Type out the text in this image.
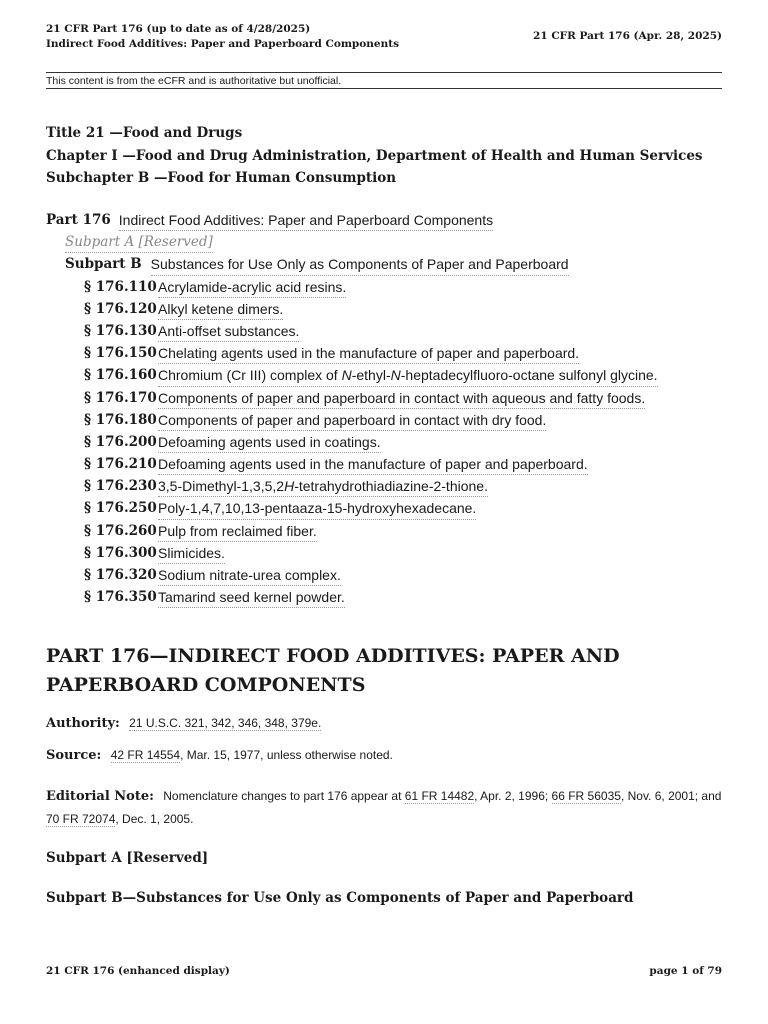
21 CFR Part 176 (up to date as of 4/28/2025)
Indirect Food Additives: Paper and Paperboard Components
21 CFR Part 176 (Apr. 28, 2025)
This content is from the eCFR and is authoritative but unofficial.
Title 21 —Food and Drugs
Chapter I —Food and Drug Administration, Department of Health and Human Services
Subchapter B —Food for Human Consumption
Part 176 Indirect Food Additives: Paper and Paperboard Components
Subpart A [Reserved]
Subpart B Substances for Use Only as Components of Paper and Paperboard
§ 176.110 Acrylamide-acrylic acid resins.
§ 176.120 Alkyl ketene dimers.
§ 176.130 Anti-offset substances.
§ 176.150 Chelating agents used in the manufacture of paper and paperboard.
§ 176.160 Chromium (Cr III) complex of N-ethyl-N-heptadecylfluoro-octane sulfonyl glycine.
§ 176.170 Components of paper and paperboard in contact with aqueous and fatty foods.
§ 176.180 Components of paper and paperboard in contact with dry food.
§ 176.200 Defoaming agents used in coatings.
§ 176.210 Defoaming agents used in the manufacture of paper and paperboard.
§ 176.230 3,5-Dimethyl-1,3,5,2H-tetrahydrothiadiazine-2-thione.
§ 176.250 Poly-1,4,7,10,13-pentaaza-15-hydroxyhexadecane.
§ 176.260 Pulp from reclaimed fiber.
§ 176.300 Slimicides.
§ 176.320 Sodium nitrate-urea complex.
§ 176.350 Tamarind seed kernel powder.
PART 176—INDIRECT FOOD ADDITIVES: PAPER AND PAPERBOARD COMPONENTS
Authority: 21 U.S.C. 321, 342, 346, 348, 379e.
Source: 42 FR 14554, Mar. 15, 1977, unless otherwise noted.
Editorial Note: Nomenclature changes to part 176 appear at 61 FR 14482, Apr. 2, 1996; 66 FR 56035, Nov. 6, 2001; and 70 FR 72074, Dec. 1, 2005.
Subpart A [Reserved]
Subpart B—Substances for Use Only as Components of Paper and Paperboard
21 CFR 176 (enhanced display)	page 1 of 79
